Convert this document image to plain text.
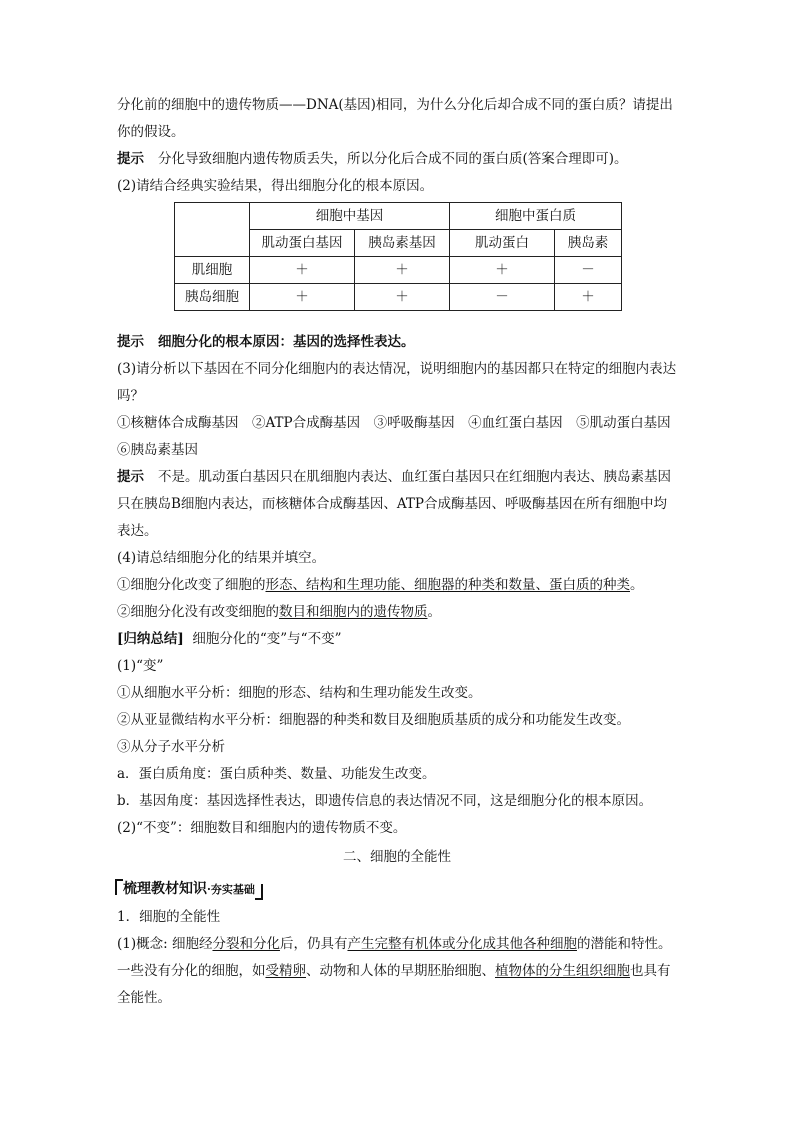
分化前的细胞中的遗传物质——DNA(基因)相同，为什么分化后却合成不同的蛋白质？请提出你的假设。

提示 分化导致细胞内遗传物质丢失，所以分化后合成不同的蛋白质(答案合理即可)。

(2)请结合经典实验结果，得出细胞分化的根本原因。

	细胞中基因		细胞中蛋白质	
	肌动蛋白基因	胰岛素基因	肌动蛋白	胰岛素
肌细胞	＋	＋	＋	－
胰岛细胞	＋	＋	－	＋

提示 细胞分化的根本原因：基因的选择性表达。

(3)请分析以下基因在不同分化细胞内的表达情况，说明细胞内的基因都只在特定的细胞内表达吗？

①核糖体合成酶基因　②ATP合成酶基因　③呼吸酶基因　④血红蛋白基因　⑤肌动蛋白基因　⑥胰岛素基因

提示 不是。肌动蛋白基因只在肌细胞内表达、血红蛋白基因只在红细胞内表达、胰岛素基因只在胰岛B细胞内表达，而核糖体合成酶基因、ATP合成酶基因、呼吸酶基因在所有细胞中均表达。

(4)请总结细胞分化的结果并填空。

①细胞分化改变了细胞的形态、结构和生理功能、细胞器的种类和数量、蛋白质的种类。

②细胞分化没有改变细胞的数目和细胞内的遗传物质。

[归纳总结] 细胞分化的“变”与“不变”

(1)“变”

①从细胞水平分析：细胞的形态、结构和生理功能发生改变。

②从亚显微结构水平分析：细胞器的种类和数目及细胞质基质的成分和功能发生改变。

③从分子水平分析

a．蛋白质角度：蛋白质种类、数量、功能发生改变。

b．基因角度：基因选择性表达，即遗传信息的表达情况不同，这是细胞分化的根本原因。

(2)“不变”：细胞数目和细胞内的遗传物质不变。

二、细胞的全能性

梳理教材知识·夯实基础

1．细胞的全能性

(1)概念: 细胞经分裂和分化后，仍具有产生完整有机体或分化成其他各种细胞的潜能和特性。一些没有分化的细胞，如受精卵、动物和人体的早期胚胎细胞、植物体的分生组织细胞也具有全能性。
